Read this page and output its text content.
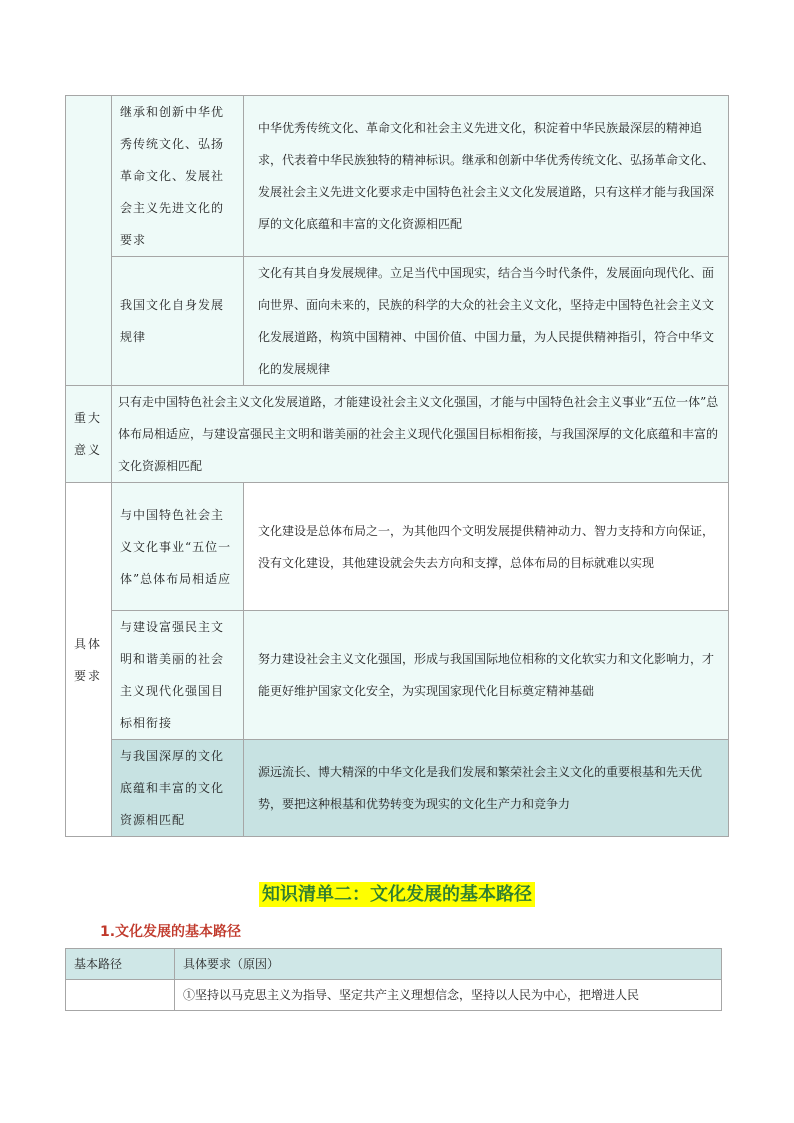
	继承和创新中华优秀传统文化、弘扬革命文化、发展社会主义先进文化的要求	中华优秀传统文化、革命文化和社会主义先进文化，积淀着中华民族最深层的精神追求，代表着中华民族独特的精神标识。继承和创新中华优秀传统文化、弘扬革命文化、发展社会主义先进文化要求走中国特色社会主义文化发展道路，只有这样才能与我国深厚的文化底蕴和丰富的文化资源相匹配
	我国文化自身发展规律	文化有其自身发展规律。立足当代中国现实，结合当今时代条件，发展面向现代化、面向世界、面向未来的，民族的科学的大众的社会主义文化，坚持走中国特色社会主义文化发展道路，构筑中国精神、中国价值、中国力量，为人民提供精神指引，符合中华文化的发展规律
重大意义	只有走中国特色社会主义文化发展道路，才能建设社会主义文化强国，才能与中国特色社会主义事业“五位一体”总体布局相适应，与建设富强民主文明和谐美丽的社会主义现代化强国目标相衔接，与我国深厚的文化底蕴和丰富的文化资源相匹配	
具体要求	与中国特色社会主义文化事业“五位一体”总体布局相适应	文化建设是总体布局之一，为其他四个文明发展提供精神动力、智力支持和方向保证，没有文化建设，其他建设就会失去方向和支撑，总体布局的目标就难以实现
	与建设富强民主文明和谐美丽的社会主义现代化强国目标相衔接	努力建设社会主义文化强国，形成与我国国际地位相称的文化软实力和文化影响力，才能更好维护国家文化安全，为实现国家现代化目标奠定精神基础
	与我国深厚的文化底蕴和丰富的文化资源相匹配	源远流长、博大精深的中华文化是我们发展和繁荣社会主义文化的重要根基和先天优势，要把这种根基和优势转变为现实的文化生产力和竞争力
知识清单二：文化发展的基本路径
1.文化发展的基本路径
基本路径	具体要求（原因）
	①坚持以马克思主义为指导、坚定共产主义理想信念，坚持以人民为中心，把增进人民
